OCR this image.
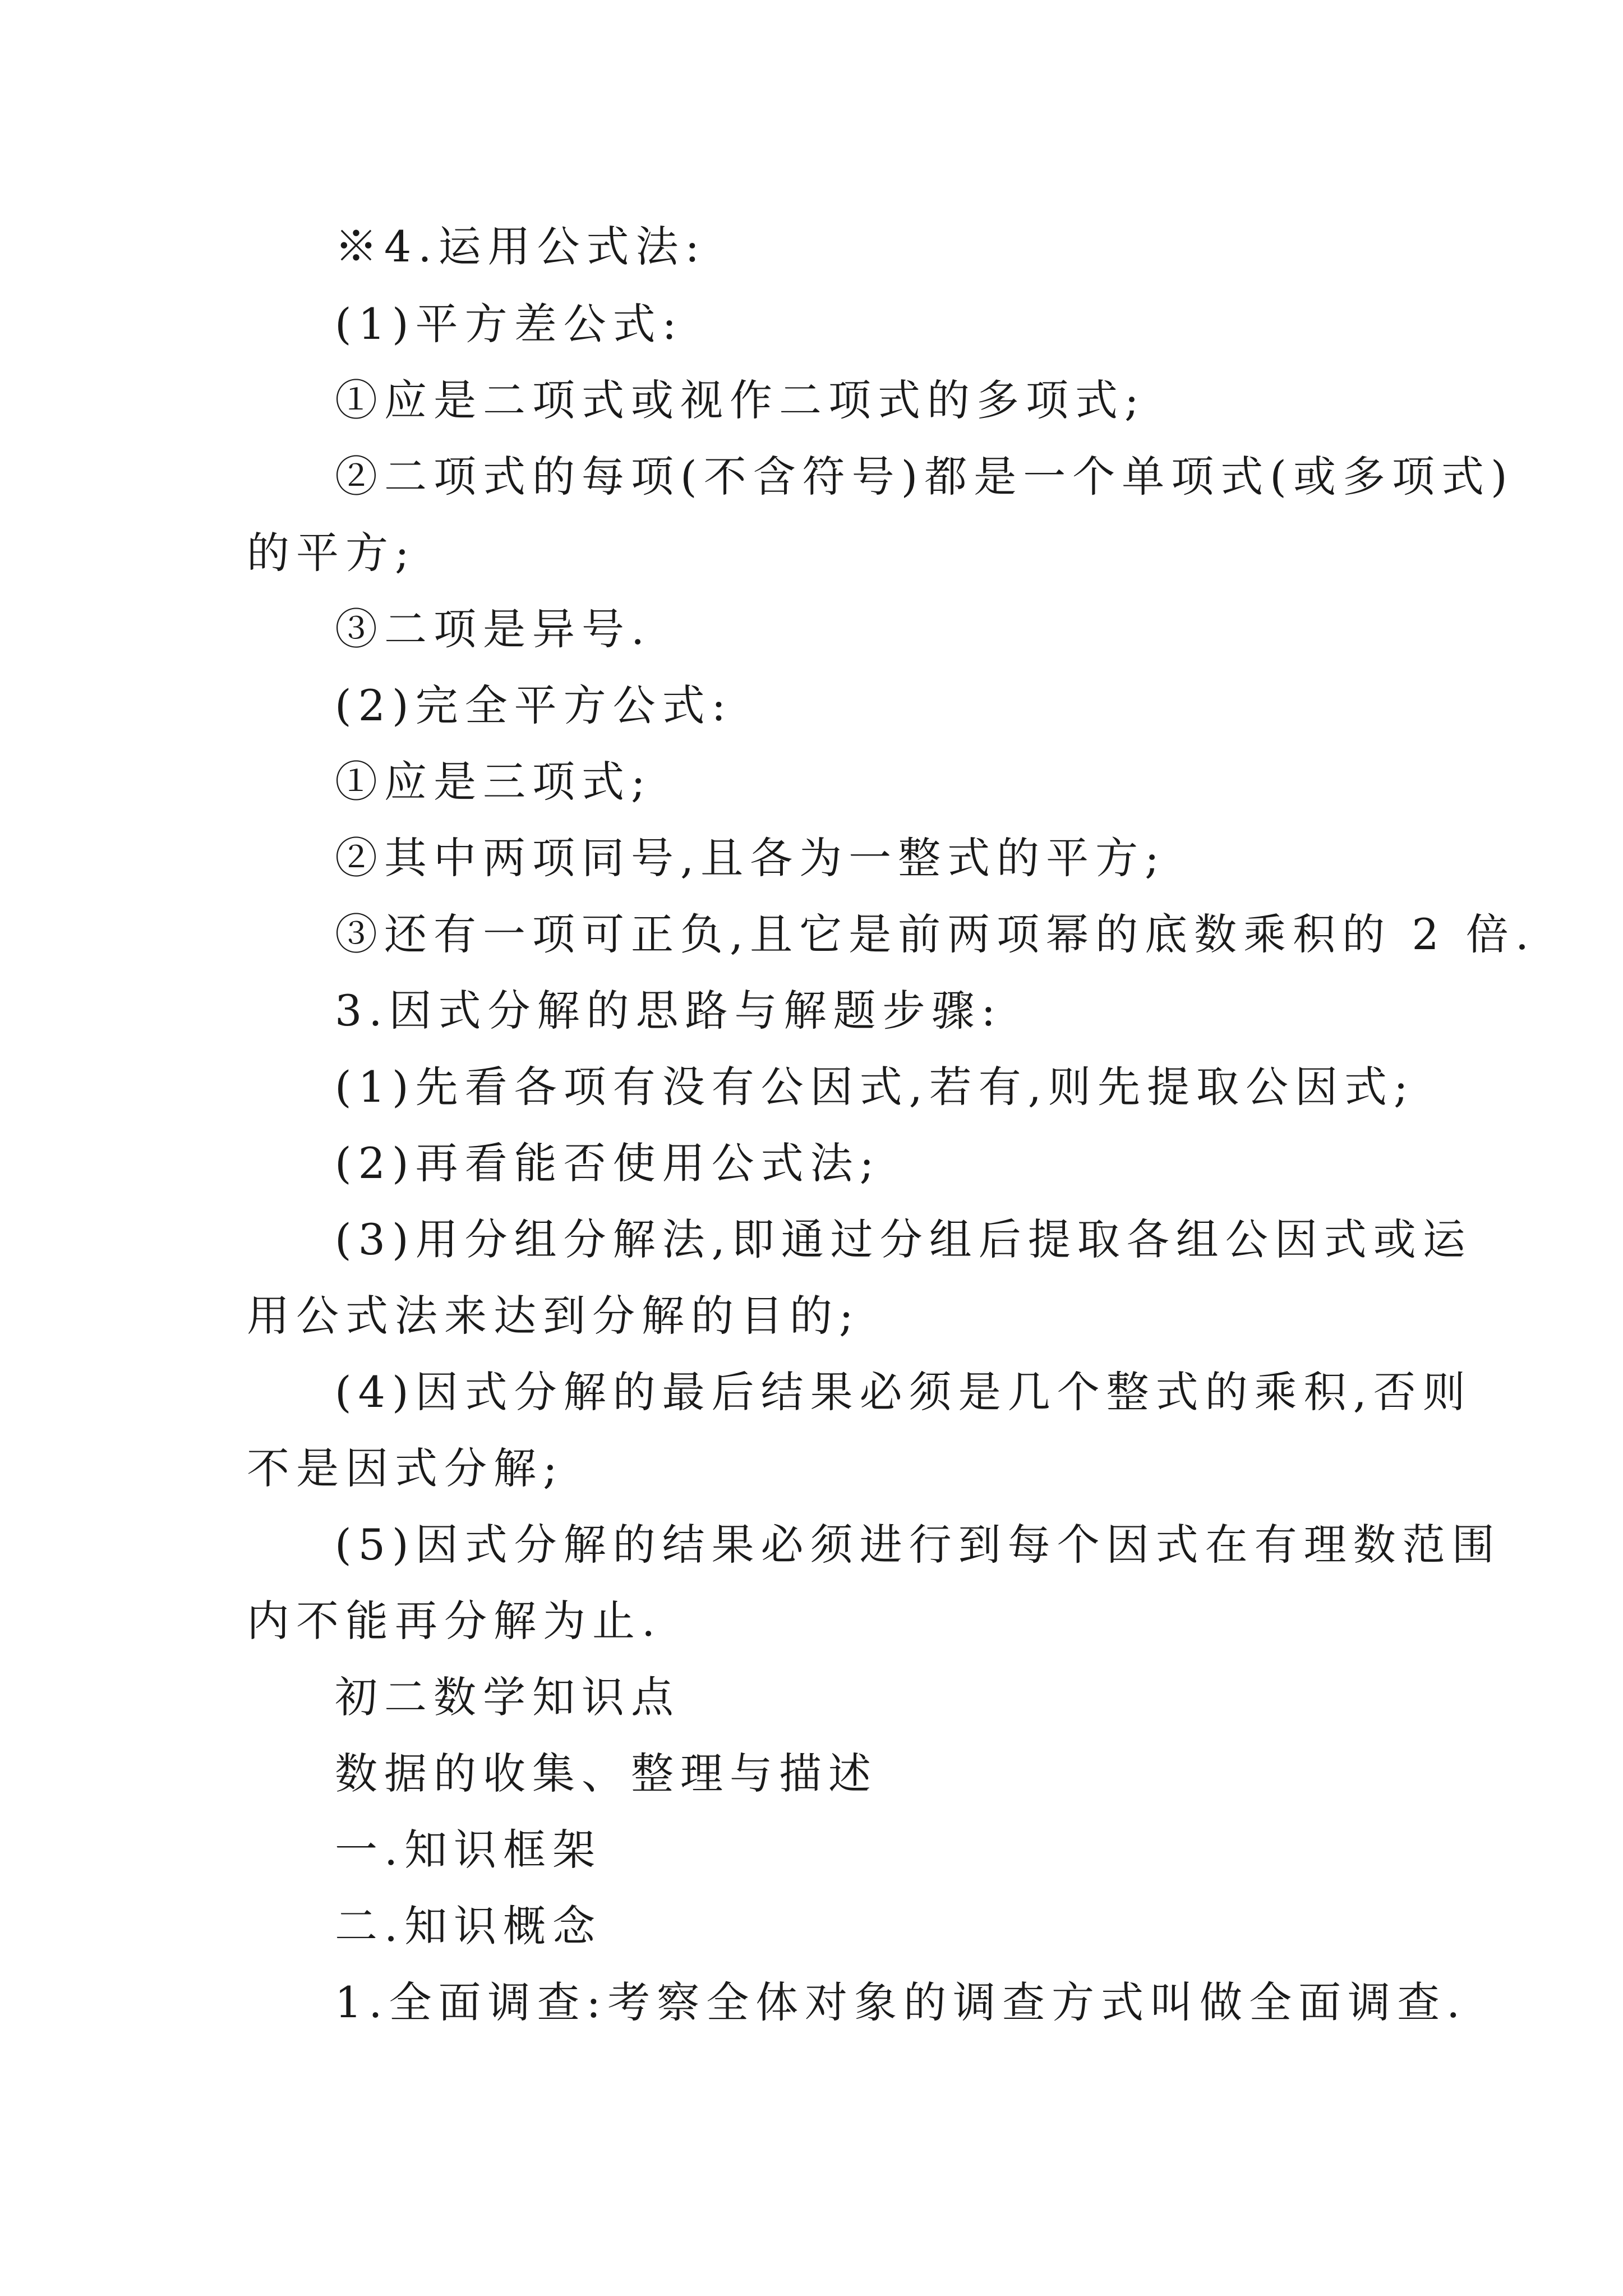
※4.运用公式法:
(1)平方差公式:
①应是二项式或视作二项式的多项式;
②二项式的每项(不含符号)都是一个单项式(或多项式)
的平方;
③二项是异号.
(2)完全平方公式:
①应是三项式;
②其中两项同号,且各为一整式的平方;
③还有一项可正负,且它是前两项幂的底数乘积的 2 倍.
3.因式分解的思路与解题步骤:
(1)先看各项有没有公因式,若有,则先提取公因式;
(2)再看能否使用公式法;
(3)用分组分解法,即通过分组后提取各组公因式或运
用公式法来达到分解的目的;
(4)因式分解的最后结果必须是几个整式的乘积,否则
不是因式分解;
(5)因式分解的结果必须进行到每个因式在有理数范围
内不能再分解为止.
初二数学知识点
数据的收集、整理与描述
一.知识框架
二.知识概念
1.全面调查:考察全体对象的调查方式叫做全面调查.
